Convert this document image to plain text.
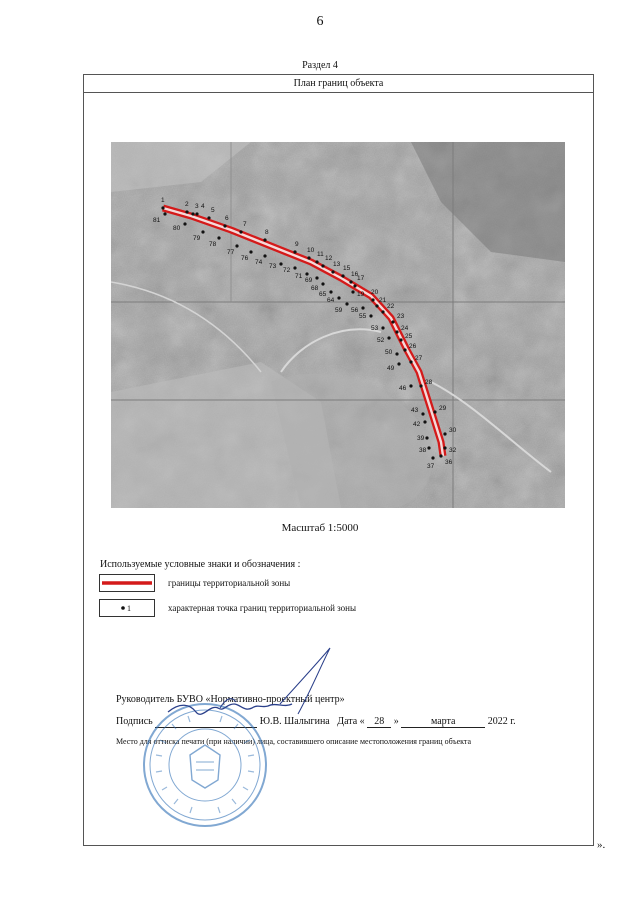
6
Раздел 4
План границ объекта
1
2 3 4
5
6
7
8
9
10
11
12
13
15
16
17
19 20
21
22
23
24
25
26
27
28
29
30
32
36
37
38
39
42
43
46
49
50
52
53
55
56
59
64
65
68
69
71
72
73
74
76
77
78
79
80
81
Масштаб 1:5000
Используемые условные знаки и обозначения :
границы территориальной зоны
1	характерная точка границ территориальной зоны
Руководитель БУВО «Нормативно-проектный центр»
Подпись	Ю.В. Шалыгина Дата « 28 »	марта	2022 г.
Место для оттиска печати (при наличии) лица, составившего описание местоположения границ объекта
».
